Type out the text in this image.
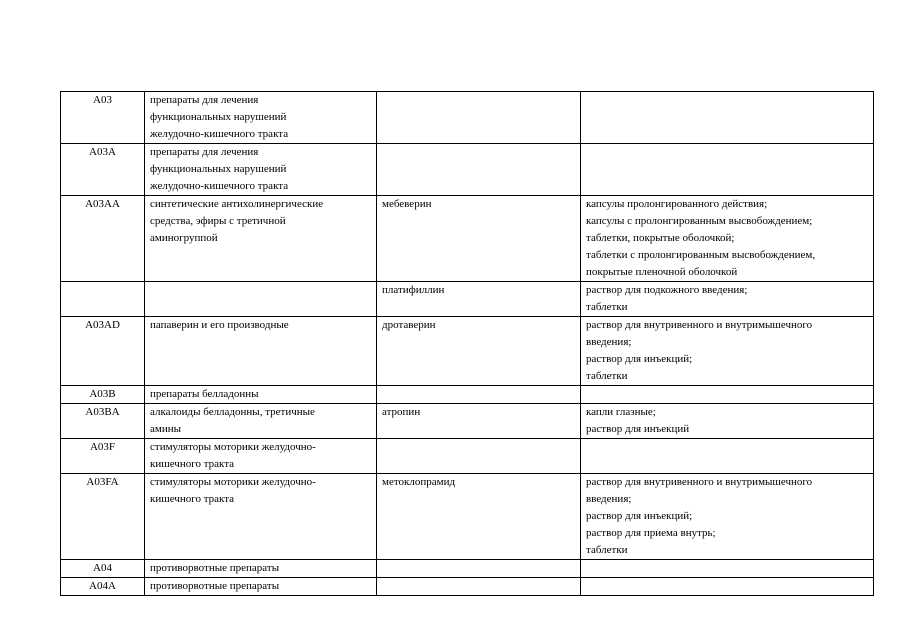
A03	препараты для лечения
функциональных нарушений
желудочно-кишечного тракта		
A03A	препараты для лечения
функциональных нарушений
желудочно-кишечного тракта		
A03AA	синтетические антихолинергические
средства, эфиры с третичной
аминогруппой	мебеверин	капсулы пролонгированного действия;
капсулы с пролонгированным высвобождением;
таблетки, покрытые оболочкой;
таблетки с пролонгированным высвобождением,
покрытые пленочной оболочкой
		платифиллин	раствор для подкожного введения;
таблетки
A03AD	папаверин и его производные	дротаверин	раствор для внутривенного и внутримышечного
введения;
раствор для инъекций;
таблетки
A03B	препараты белладонны		
A03BA	алкалоиды белладонны, третичные
амины	атропин	капли глазные;
раствор для инъекций
A03F	стимуляторы моторики желудочно-
кишечного тракта		
A03FA	стимуляторы моторики желудочно-
кишечного тракта	метоклопрамид	раствор для внутривенного и внутримышечного
введения;
раствор для инъекций;
раствор для приема внутрь;
таблетки
A04	противорвотные препараты		
A04A	противорвотные препараты		
